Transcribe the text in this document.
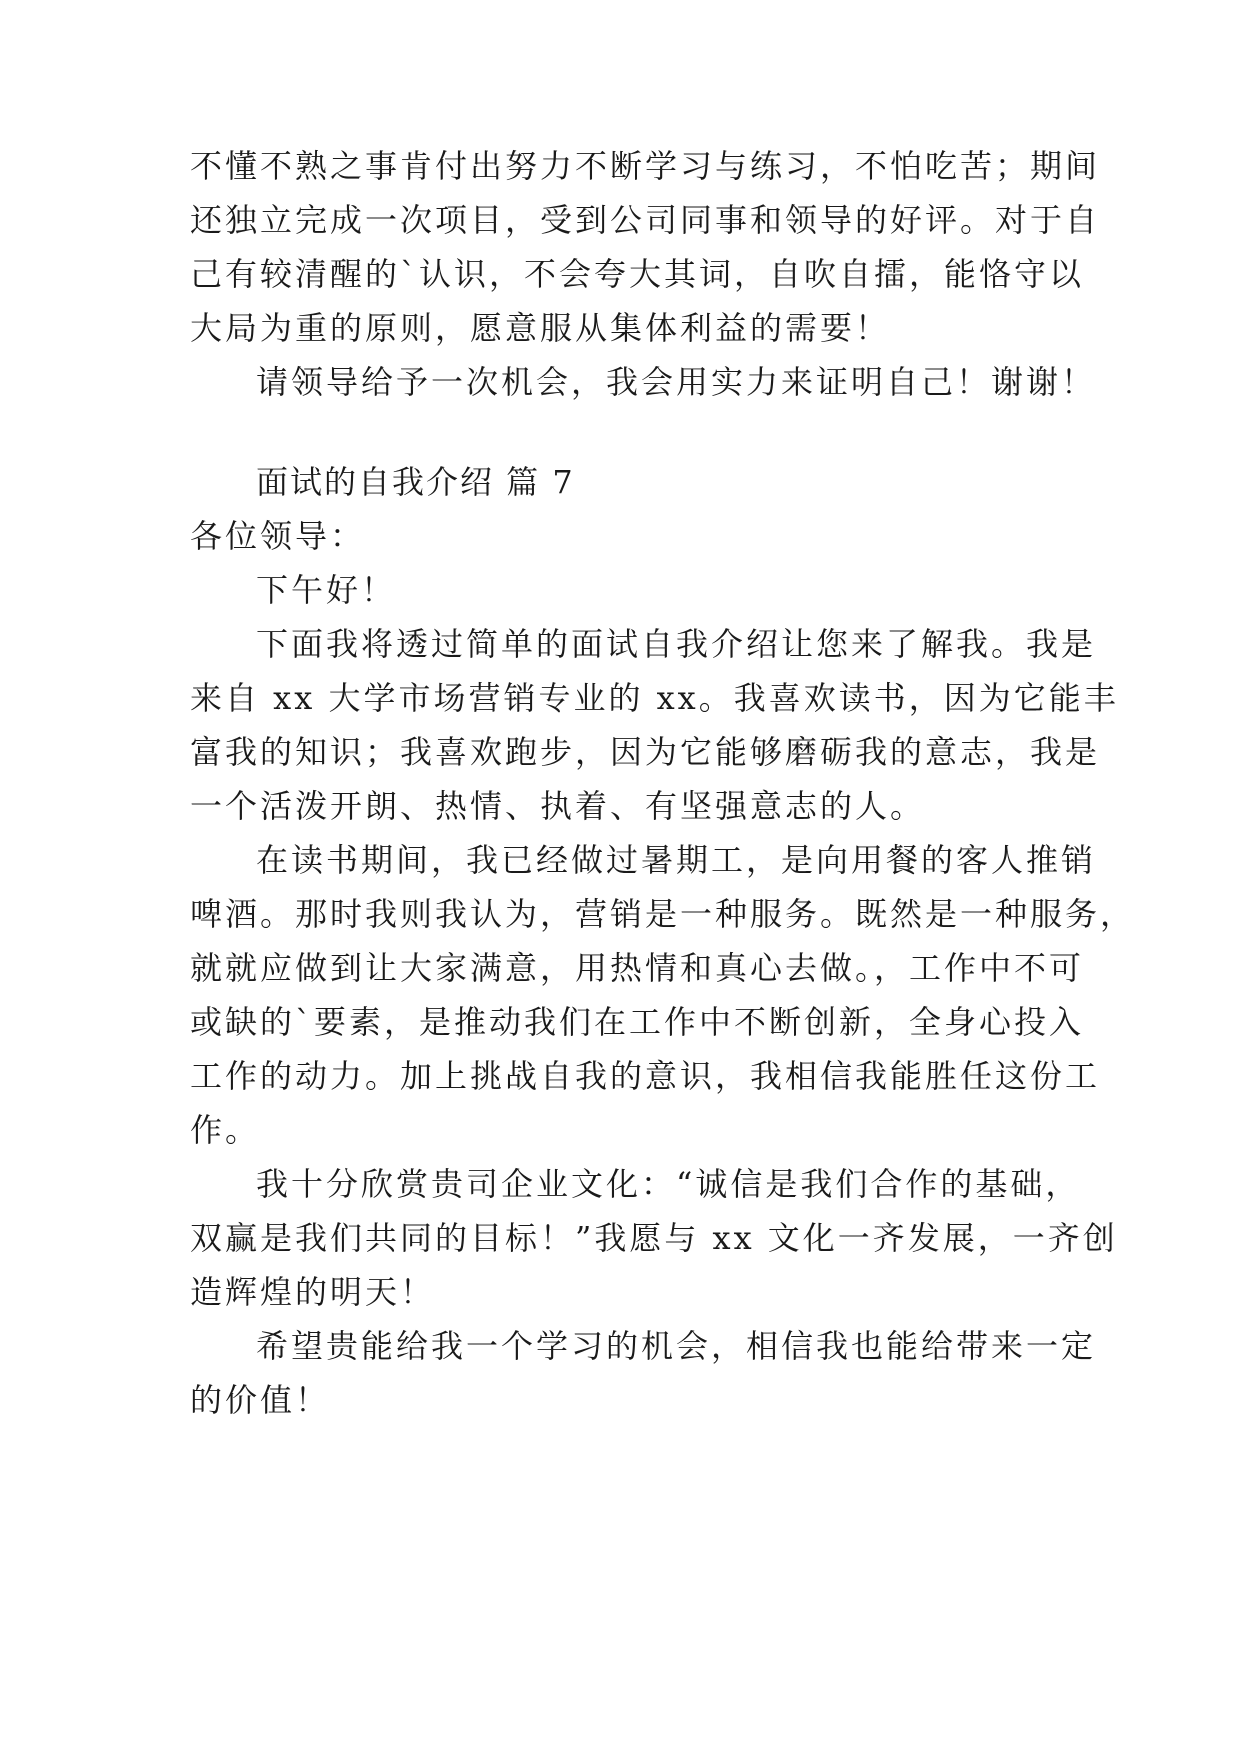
不懂不熟之事肯付出努力不断学习与练习，不怕吃苦；期间
还独立完成一次项目，受到公司同事和领导的好评。对于自
己有较清醒的`认识，不会夸大其词，自吹自擂，能恪守以
大局为重的原则，愿意服从集体利益的需要！
请领导给予一次机会，我会用实力来证明自己！谢谢！
面试的自我介绍 篇 7
各位领导：
下午好！
下面我将透过简单的面试自我介绍让您来了解我。我是
来自 xx 大学市场营销专业的 xx。我喜欢读书，因为它能丰
富我的知识；我喜欢跑步，因为它能够磨砺我的意志，我是
一个活泼开朗、热情、执着、有坚强意志的人。
在读书期间，我已经做过暑期工，是向用餐的客人推销
啤酒。那时我则我认为，营销是一种服务。既然是一种服务，
就就应做到让大家满意，用热情和真心去做。，工作中不可
或缺的`要素，是推动我们在工作中不断创新，全身心投入
工作的动力。加上挑战自我的意识，我相信我能胜任这份工
作。
我十分欣赏贵司企业文化：“诚信是我们合作的基础，
双赢是我们共同的目标！”我愿与 xx 文化一齐发展，一齐创
造辉煌的明天！
希望贵能给我一个学习的机会，相信我也能给带来一定
的价值！
